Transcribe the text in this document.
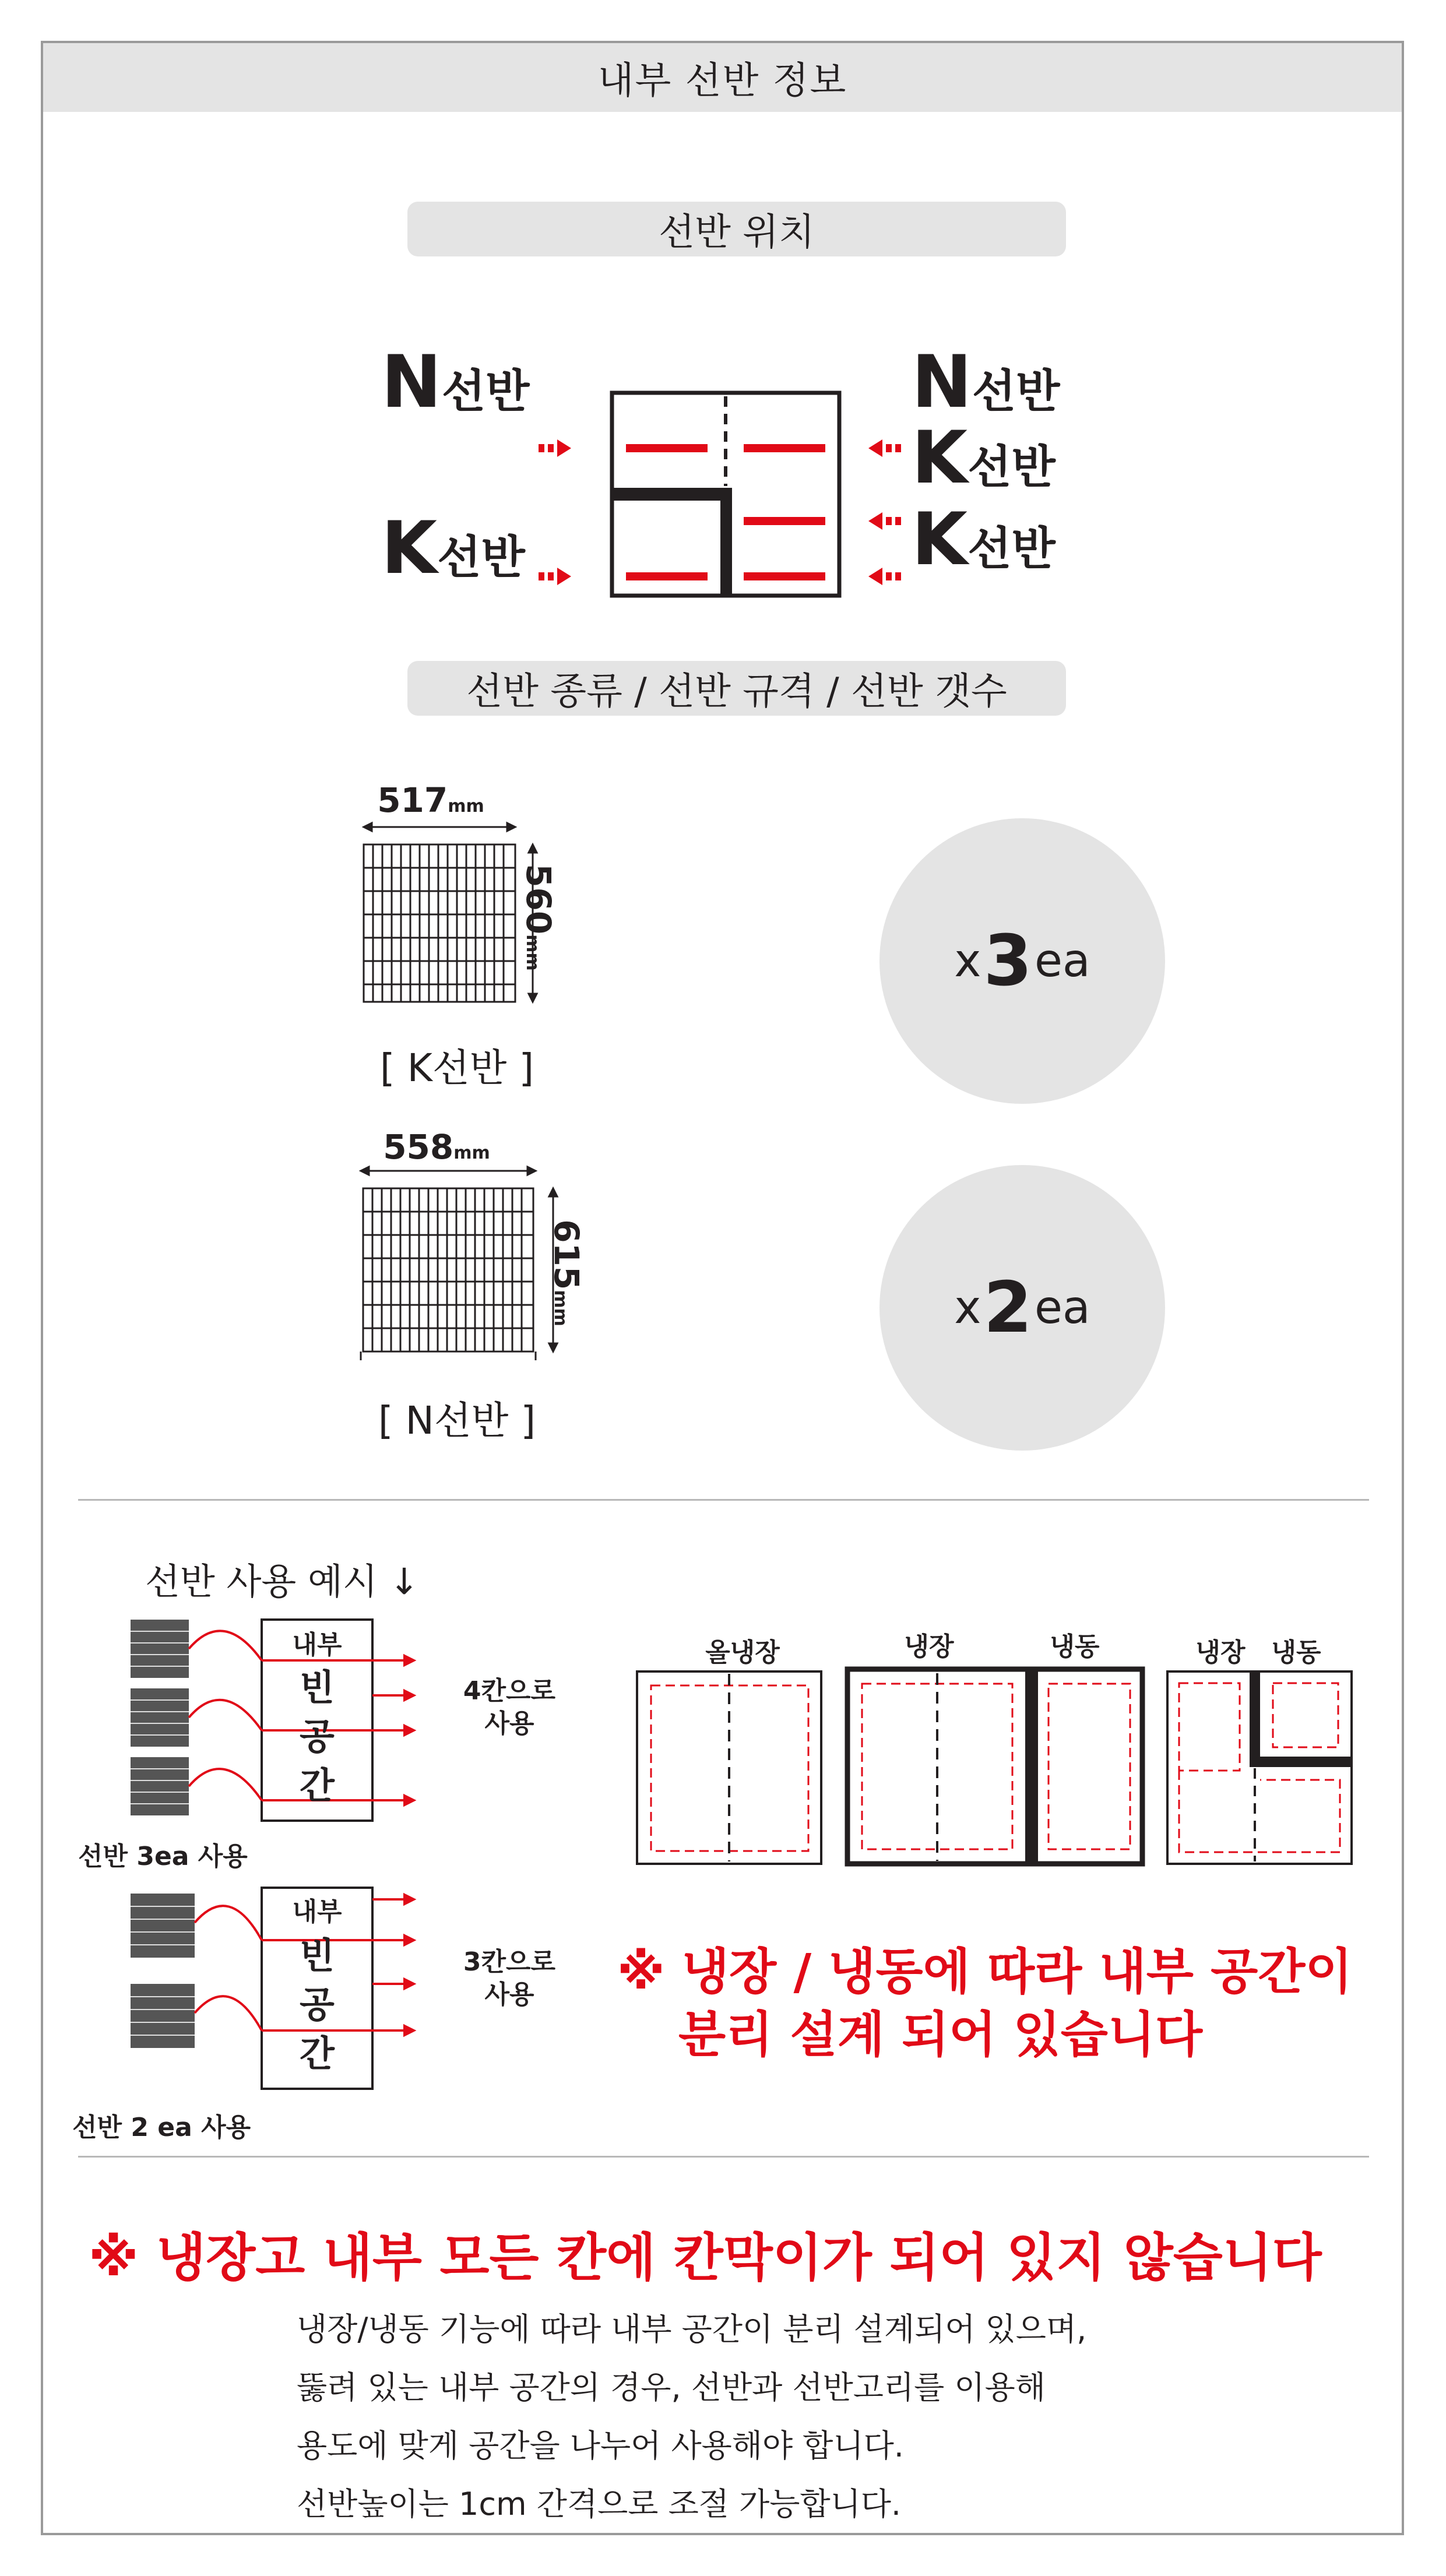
내부 선반 정보
선반 위치
N선반
K선반
N선반
K선반
K선반
선반 종류 / 선반 규격 / 선반 갯수
517mm
560mm
[ K선반 ]
x 3 ea
558mm
615mm
[ N선반 ]
x 2 ea
선반 사용 예시 ↓
내부
빈
공
간
4칸으로
사용
선반 3ea 사용
내부
빈
공
간
3칸으로
사용
선반 2 ea 사용
올냉장	냉장	냉동	냉장	냉동
※ 냉장 / 냉동에 따라 내부 공간이
분리 설계 되어 있습니다
※ 냉장고 내부 모든 칸에 칸막이가 되어 있지 않습니다
냉장/냉동 기능에 따라 내부 공간이 분리 설계되어 있으며,
뚫려 있는 내부 공간의 경우, 선반과 선반고리를 이용해
용도에 맞게 공간을 나누어 사용해야 합니다.
선반높이는 1cm 간격으로 조절 가능합니다.
